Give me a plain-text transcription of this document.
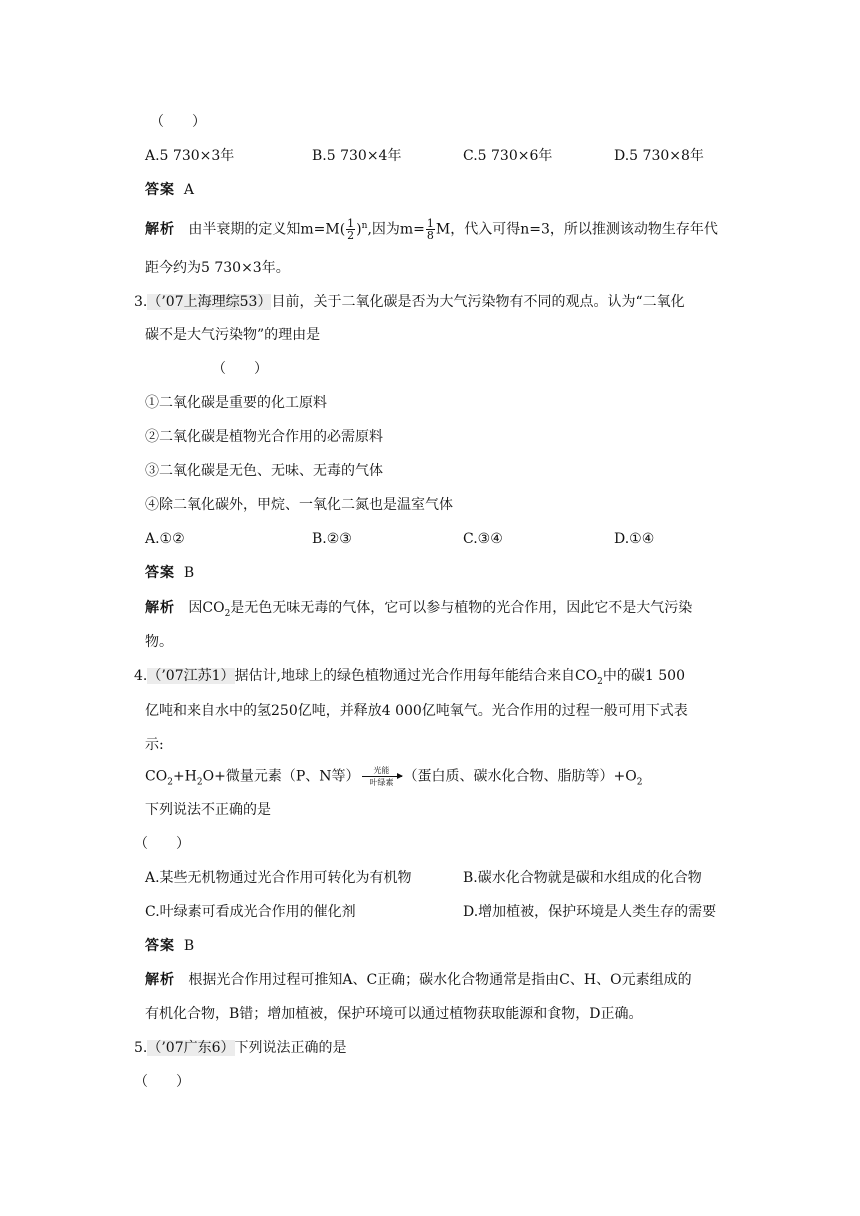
（　　）
A.5 730×3年	B.5 730×4年	C.5 730×6年	D.5 730×8年
答案 A
解析 由半衰期的定义知$m=M( \frac{1}{2} )^n$,因为$m= \frac{1}{8}$ M，代入可得n=3，所以推测该动物生存年代
距今约为5 730×3年。
3.（’07上海理综53）目前，关于二氧化碳是否为大气污染物有不同的观点。认为“二氧化
碳不是大气污染物”的理由是
（　　）
①二氧化碳是重要的化工原料
②二氧化碳是植物光合作用的必需原料
③二氧化碳是无色、无味、无毒的气体
④除二氧化碳外，甲烷、一氧化二氮也是温室气体
A.①②	B.②③	C.③④	D.①④
答案 B
解析 因$CO_2$是无色无味无毒的气体，它可以参与植物的光合作用，因此它不是大气污染
物。
4.（’07江苏1）据估计,地球上的绿色植物通过光合作用每年能结合来自$CO_2$中的碳1 500
亿吨和来自水中的氢250亿吨，并释放4 000亿吨氧气。光合作用的过程一般可用下式表
示:
$CO_2+H_2O+$微量元素（P、N等） 光能
叶绿素 （蛋白质、碳水化合物、脂肪等）$+O_2$
下列说法不正确的是
（　　）
A.某些无机物通过光合作用可转化为有机物	B.碳水化合物就是碳和水组成的化合物
C.叶绿素可看成光合作用的催化剂	D.增加植被，保护环境是人类生存的需要
答案 B
解析 根据光合作用过程可推知A、C正确；碳水化合物通常是指由C、H、O元素组成的
有机化合物，B错；增加植被，保护环境可以通过植物获取能源和食物，D正确。
5.（’07广东6）下列说法正确的是
（　　）
